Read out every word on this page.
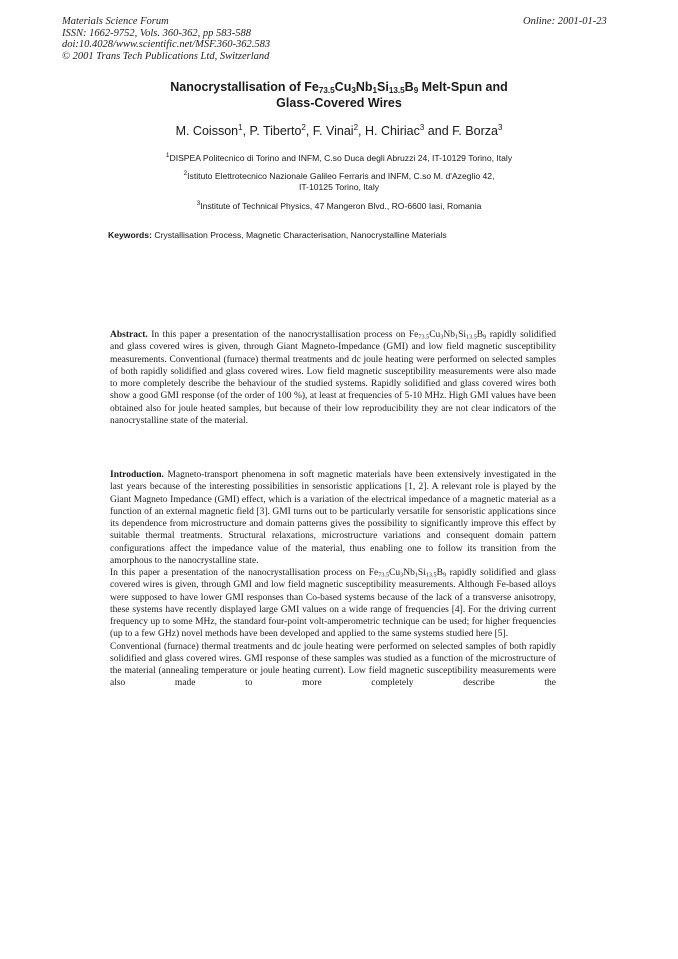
Materials Science Forum
ISSN: 1662-9752, Vols. 360-362, pp 583-588
doi:10.4028/www.scientific.net/MSF.360-362.583
© 2001 Trans Tech Publications Ltd, Switzerland
Online: 2001-01-23
Nanocrystallisation of $Fe_{73.5}Cu_3Nb_1Si_{13.5}B_9$ Melt-Spun and
Glass-Covered Wires
M. Coisson$^1$, P. Tiberto$^2$, F. Vinai$^2$, H. Chiriac$^3$ and F. Borza$^3$
$^1$DISPEA Politecnico di Torino and INFM, C.so Duca degli Abruzzi 24, IT-10129 Torino, Italy
$^2$Istituto Elettrotecnico Nazionale Galileo Ferraris and INFM, C.so M. d'Azeglio 42,
IT-10125 Torino, Italy
$^3$Institute of Technical Physics, 47 Mangeron Blvd., RO-6600 Iasi, Romania
Keywords: Crystallisation Process, Magnetic Characterisation, Nanocrystalline Materials

Abstract. In this paper a presentation of the nanocrystallisation process on $Fe_{73.5}Cu_3Nb_1Si_{13.5}B_9$ rapidly solidified and glass covered wires is given, through Giant Magneto-Impedance (GMI) and low field magnetic susceptibility measurements. Conventional (furnace) thermal treatments and dc joule heating were performed on selected samples of both rapidly solidified and glass covered wires. Low field magnetic susceptibility measurements were also made to more completely describe the behaviour of the studied systems. Rapidly solidified and glass covered wires both show a good GMI response (of the order of 100 %), at least at frequencies of 5-10 MHz. High GMI values have been obtained also for joule heated samples, but because of their low reproducibility they are not clear indicators of the nanocrystalline state of the material.

Introduction. Magneto-transport phenomena in soft magnetic materials have been extensively investigated in the last years because of the interesting possibilities in sensoristic applications [1, 2]. A relevant role is played by the Giant Magneto Impedance (GMI) effect, which is a variation of the electrical impedance of a magnetic material as a function of an external magnetic field [3]. GMI turns out to be particularly versatile for sensoristic applications since its dependence from microstructure and domain patterns gives the possibility to significantly improve this effect by suitable thermal treatments. Structural relaxations, microstructure variations and consequent domain pattern configurations affect the impedance value of the material, thus enabling one to follow its transition from the amorphous to the nanocrystalline state.

In this paper a presentation of the nanocrystallisation process on $Fe_{73.5}Cu_3Nb_1Si_{13.5}B_9$ rapidly solidified and glass covered wires is given, through GMI and low field magnetic susceptibility measurements. Although Fe-based alloys were supposed to have lower GMI responses than Co-based systems because of the lack of a transverse anisotropy, these systems have recently displayed large GMI values on a wide range of frequencies [4]. For the driving current frequency up to some MHz, the standard four-point volt-amperometric technique can be used; for higher frequencies (up to a few GHz) novel methods have been developed and applied to the same systems studied here [5].

Conventional (furnace) thermal treatments and dc joule heating were performed on selected samples of both rapidly solidified and glass covered wires. GMI response of these samples was studied as a function of the microstructure of the material (annealing temperature or joule heating current). Low field magnetic susceptibility measurements were also made to more completely describe the
